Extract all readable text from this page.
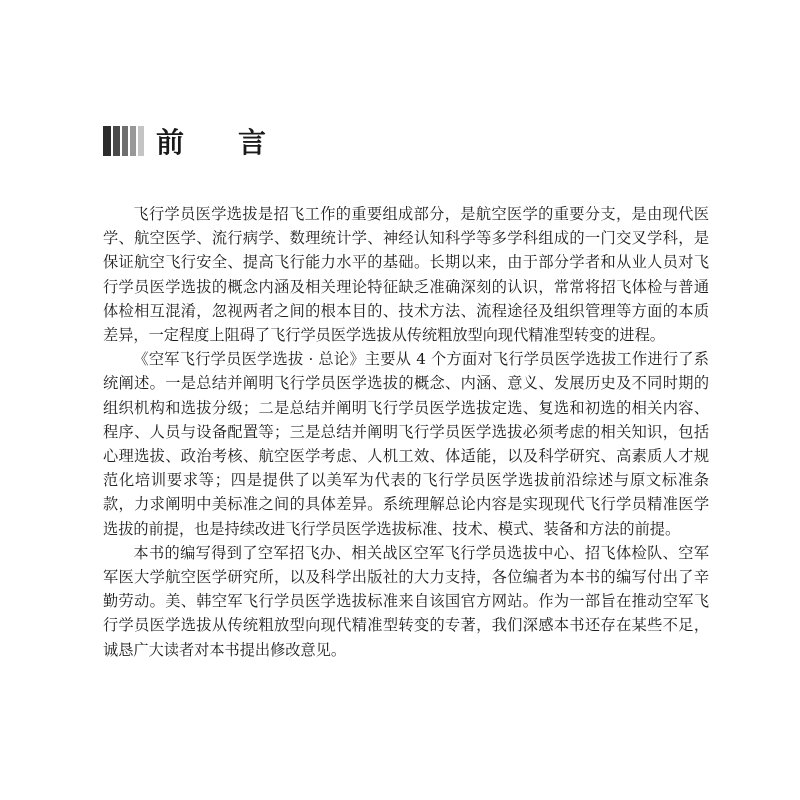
前 言

飞行学员医学选拔是招飞工作的重要组成部分，是航空医学的重要分支，是由现代医学、航空医学、流行病学、数理统计学、神经认知科学等多学科组成的一门交叉学科，是保证航空飞行安全、提高飞行能力水平的基础。长期以来，由于部分学者和从业人员对飞行学员医学选拔的概念内涵及相关理论特征缺乏准确深刻的认识，常常将招飞体检与普通体检相互混淆，忽视两者之间的根本目的、技术方法、流程途径及组织管理等方面的本质差异，一定程度上阻碍了飞行学员医学选拔从传统粗放型向现代精准型转变的进程。

《空军飞行学员医学选拔 · 总论》主要从 4 个方面对飞行学员医学选拔工作进行了系统阐述。一是总结并阐明飞行学员医学选拔的概念、内涵、意义、发展历史及不同时期的组织机构和选拔分级；二是总结并阐明飞行学员医学选拔定选、复选和初选的相关内容、程序、人员与设备配置等；三是总结并阐明飞行学员医学选拔必须考虑的相关知识，包括心理选拔、政治考核、航空医学考虑、人机工效、体适能，以及科学研究、高素质人才规范化培训要求等；四是提供了以美军为代表的飞行学员医学选拔前沿综述与原文标准条款，力求阐明中美标准之间的具体差异。系统理解总论内容是实现现代飞行学员精准医学选拔的前提，也是持续改进飞行学员医学选拔标准、技术、模式、装备和方法的前提。

本书的编写得到了空军招飞办、相关战区空军飞行学员选拔中心、招飞体检队、空军军医大学航空医学研究所，以及科学出版社的大力支持，各位编者为本书的编写付出了辛勤劳动。美、韩空军飞行学员医学选拔标准来自该国官方网站。作为一部旨在推动空军飞行学员医学选拔从传统粗放型向现代精准型转变的专著，我们深感本书还存在某些不足，诚恳广大读者对本书提出修改意见。
